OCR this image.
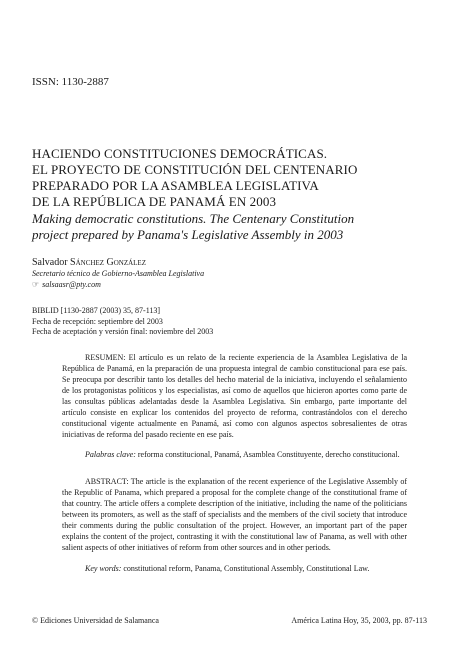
ISSN: 1130-2887
HACIENDO CONSTITUCIONES DEMOCRÁTICAS.
EL PROYECTO DE CONSTITUCIÓN DEL CENTENARIO
PREPARADO POR LA ASAMBLEA LEGISLATIVA
DE LA REPÚBLICA DE PANAMÁ EN 2003
Making democratic constitutions. The Centenary Constitution
project prepared by Panama's Legislative Assembly in 2003
Salvador Sánchez González
Secretario técnico de Gobierno-Asamblea Legislativa
☞ salsaasr@pty.com
BIBLID [1130-2887 (2003) 35, 87-113]
Fecha de recepción: septiembre del 2003
Fecha de aceptación y versión final: noviembre del 2003
RESUMEN: El artículo es un relato de la reciente experiencia de la Asamblea Legislativa de la República de Panamá, en la preparación de una propuesta integral de cambio constitucional para ese país. Se preocupa por describir tanto los detalles del hecho material de la iniciativa, incluyendo el señalamiento de los protagonistas políticos y los especialistas, así como de aquellos que hicieron aportes como parte de las consultas públicas adelantadas desde la Asamblea Legislativa. Sin embargo, parte importante del artículo consiste en explicar los contenidos del proyecto de reforma, contrastándolos con el derecho constitucional vigente actualmente en Panamá, así como con algunos aspectos sobresalientes de otras iniciativas de reforma del pasado reciente en ese país.
Palabras clave: reforma constitucional, Panamá, Asamblea Constituyente, derecho constitucional.
ABSTRACT: The article is the explanation of the recent experience of the Legislative Assembly of the Republic of Panama, which prepared a proposal for the complete change of the constitutional frame of that country. The article offers a complete description of the initiative, including the name of the politicians between its promoters, as well as the staff of specialists and the members of the civil society that introduce their comments during the public consultation of the project. However, an important part of the paper explains the content of the project, contrasting it with the constitutional law of Panama, as well with other salient aspects of other initiatives of reform from other sources and in other periods.
Key words: constitutional reform, Panama, Constitutional Assembly, Constitutional Law.
© Ediciones Universidad de Salamanca	América Latina Hoy, 35, 2003, pp. 87-113
